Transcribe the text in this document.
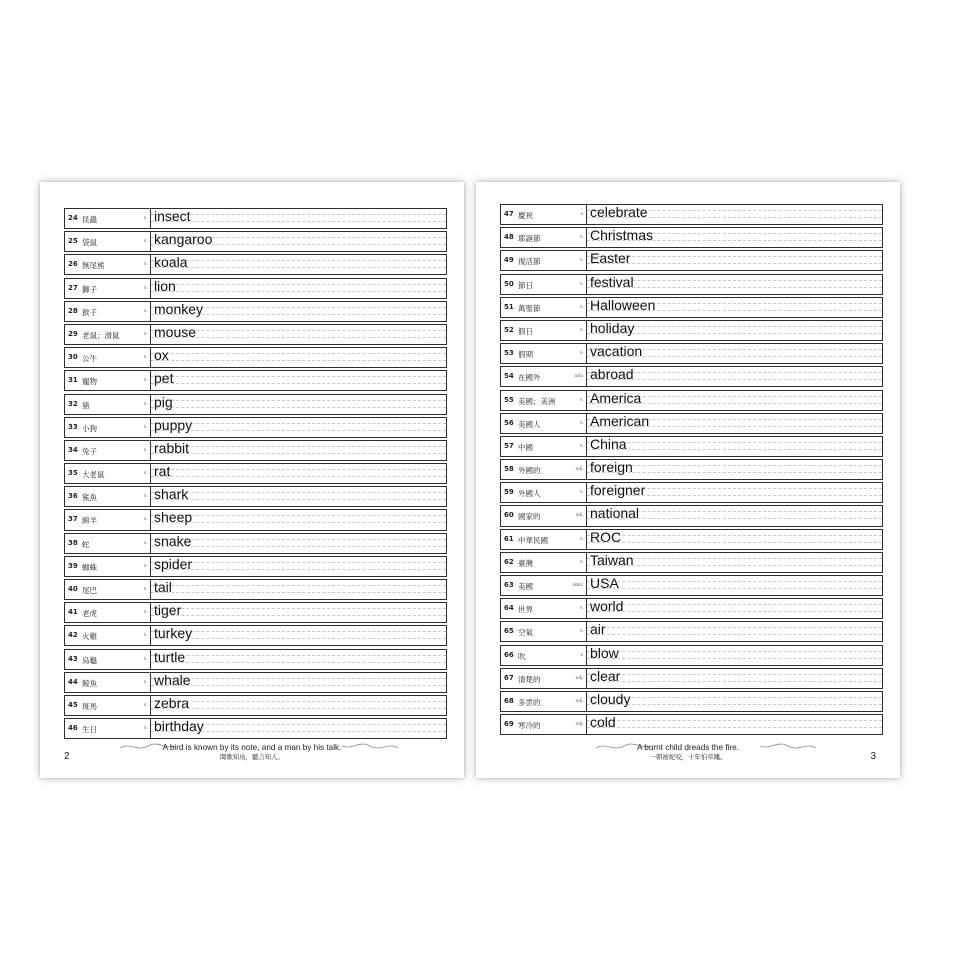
24 昆蟲	n. insect
25 袋鼠	n. kangaroo
26 無尾熊	n. koala
27 獅子	n. lion
28 猴子	n. monkey
29 老鼠；滑鼠	n. mouse
30 公牛	n. ox
31 寵物	n. pet
32 豬	n. pig
33 小狗	n. puppy
34 兔子	n. rabbit
35 大老鼠	n. rat
36 鯊魚	n. shark
37 綿羊	n. sheep
38 蛇	n. snake
39 蜘蛛	n. spider
40 尾巴	n. tail
41 老虎	n. tiger
42 火雞	n. turkey
43 烏龜	n. turtle
44 鯨魚	n. whale
45 斑馬	n. zebra
46 生日	n. birthday
A bird is known by its note, and a man by his talk.
聞歌知鳥，聽言知人。
2
47 慶祝	v. celebrate
48 耶誕節	n. Christmas
49 復活節	n. Easter
50 節日	n. festival
51 萬聖節	n. Halloween
52 假日	n. holiday
53 假期	n. vacation
54 在國外	adv. abroad
55 美國；美洲	n. America
56 美國人	n. American
57 中國	n. China
58 外國的	adj. foreign
59 外國人	n. foreigner
60 國家的	adj. national
61 中華民國	n. ROC
62 臺灣	n. Taiwan
63 美國	abbr. USA
64 世界	n. world
65 空氣	n. air
66 吹	v. blow
67 清楚的	adj. clear
68 多雲的	adj. cloudy
69 寒冷的	adj. cold
A burnt child dreads the fire.
一朝被蛇咬，十年怕草繩。	3
